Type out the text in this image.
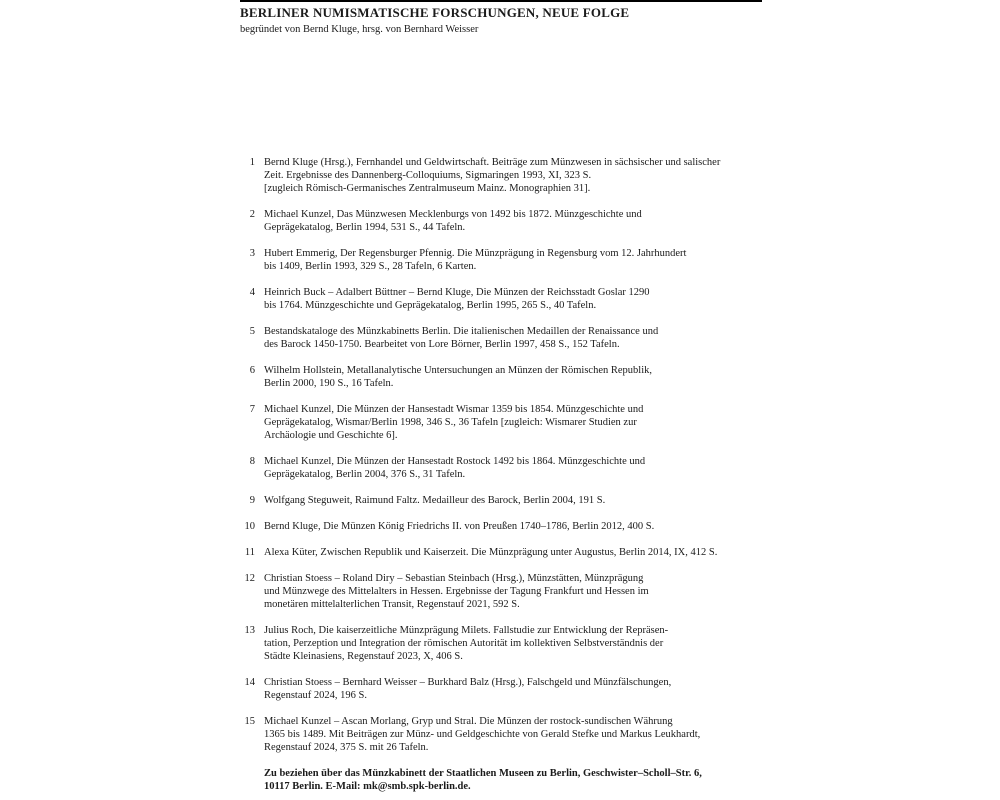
BERLINER NUMISMATISCHE FORSCHUNGEN, NEUE FOLGE
begründet von Bernd Kluge, hrsg. von Bernhard Weisser
1 Bernd Kluge (Hrsg.), Fernhandel und Geldwirtschaft. Beiträge zum Münzwesen in sächsischer und salischer
Zeit. Ergebnisse des Dannenberg-Colloquiums, Sigmaringen 1993, XI, 323 S.
[zugleich Römisch-Germanisches Zentralmuseum Mainz. Monographien 31].
2 Michael Kunzel, Das Münzwesen Mecklenburgs von 1492 bis 1872. Münzgeschichte und
Geprägekatalog, Berlin 1994, 531 S., 44 Tafeln.
3 Hubert Emmerig, Der Regensburger Pfennig. Die Münzprägung in Regensburg vom 12. Jahrhundert
bis 1409, Berlin 1993, 329 S., 28 Tafeln, 6 Karten.
4 Heinrich Buck – Adalbert Büttner – Bernd Kluge, Die Münzen der Reichsstadt Goslar 1290
bis 1764. Münzgeschichte und Geprägekatalog, Berlin 1995, 265 S., 40 Tafeln.
5 Bestandskataloge des Münzkabinetts Berlin. Die italienischen Medaillen der Renaissance und
des Barock 1450-1750. Bearbeitet von Lore Börner, Berlin 1997, 458 S., 152 Tafeln.
6 Wilhelm Hollstein, Metallanalytische Untersuchungen an Münzen der Römischen Republik,
Berlin 2000, 190 S., 16 Tafeln.
7 Michael Kunzel, Die Münzen der Hansestadt Wismar 1359 bis 1854. Münzgeschichte und
Geprägekatalog, Wismar/Berlin 1998, 346 S., 36 Tafeln [zugleich: Wismarer Studien zur
Archäologie und Geschichte 6].
8 Michael Kunzel, Die Münzen der Hansestadt Rostock 1492 bis 1864. Münzgeschichte und
Geprägekatalog, Berlin 2004, 376 S., 31 Tafeln.
9 Wolfgang Steguweit, Raimund Faltz. Medailleur des Barock, Berlin 2004, 191 S.
10 Bernd Kluge, Die Münzen König Friedrichs II. von Preußen 1740–1786, Berlin 2012, 400 S.
11 Alexa Küter, Zwischen Republik und Kaiserzeit. Die Münzprägung unter Augustus, Berlin 2014, IX, 412 S.
12 Christian Stoess – Roland Diry – Sebastian Steinbach (Hrsg.), Münzstätten, Münzprägung
und Münzwege des Mittelalters in Hessen. Ergebnisse der Tagung Frankfurt und Hessen im
monetären mittelalterlichen Transit, Regenstauf 2021, 592 S.
13 Julius Roch, Die kaiserzeitliche Münzprägung Milets. Fallstudie zur Entwicklung der Repräsen-
tation, Perzeption und Integration der römischen Autorität im kollektiven Selbstverständnis der
Städte Kleinasiens, Regenstauf 2023, X, 406 S.
14 Christian Stoess – Bernhard Weisser – Burkhard Balz (Hrsg.), Falschgeld und Münzfälschungen,
Regenstauf 2024, 196 S.
15 Michael Kunzel – Ascan Morlang, Gryp und Stral. Die Münzen der rostock-sundischen Währung
1365 bis 1489. Mit Beiträgen zur Münz- und Geldgeschichte von Gerald Stefke und Markus Leukhardt,
Regenstauf 2024, 375 S. mit 26 Tafeln.
Zu beziehen über das Münzkabinett der Staatlichen Museen zu Berlin, Geschwister–Scholl–Str. 6,
10117 Berlin. E-Mail: mk@smb.spk-berlin.de.
